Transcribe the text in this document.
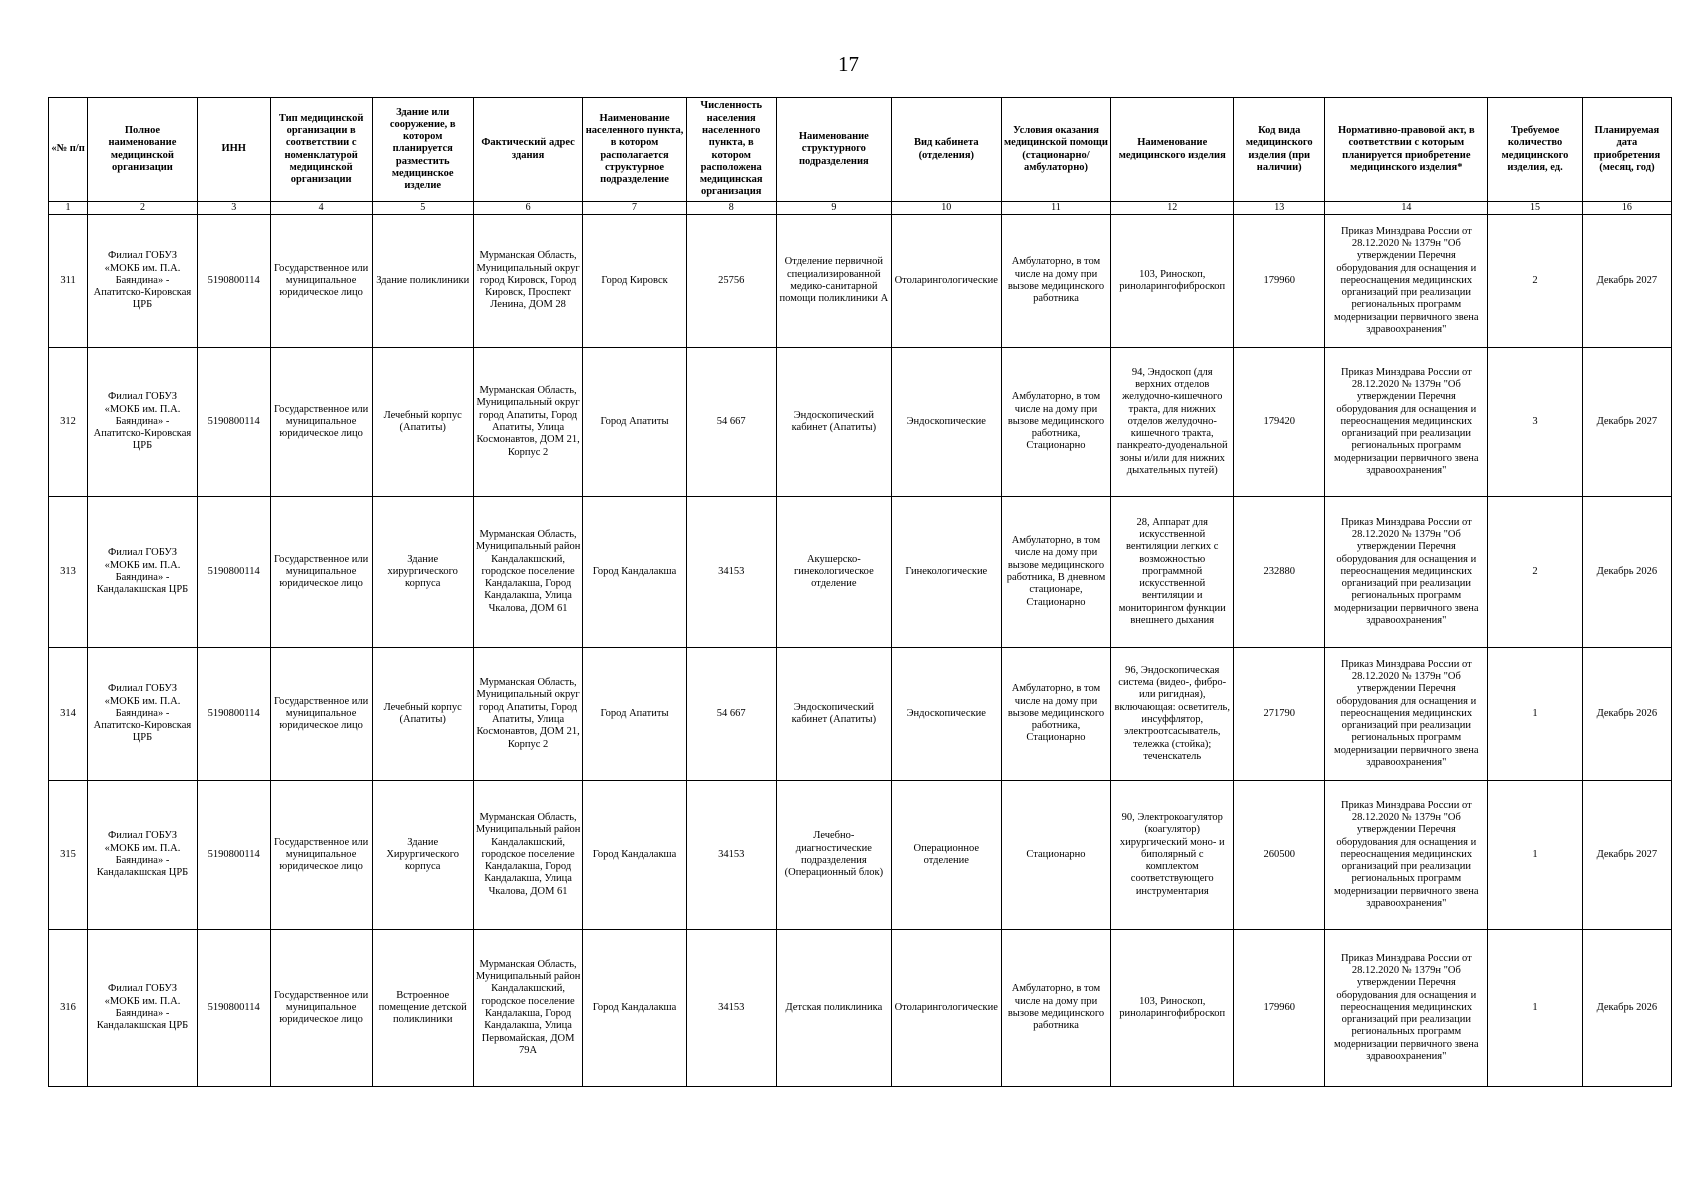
17
«№ п/п	Полное наименование медицинской организации	ИНН	Тип медицинской организации в соответствии с номенклатурой медицинской организации	Здание или сооружение, в котором планируется разместить медицинское изделие	Фактический адрес здания	Наименование населенного пункта, в котором располагается структурное подразделение	Численность населения населенного пункта, в котором расположена медицинская организация	Наименование структурного подразделения	Вид кабинета (отделения)	Условия оказания медицинской помощи (стационарно/ амбулаторно)	Наименование медицинского изделия	Код вида медицинского изделия (при наличии)	Нормативно-правовой акт, в соответствии с которым планируется приобретение медицинского изделия*	Требуемое количество медицинского изделия, ед.	Планируемая дата приобретения (месяц, год)
1	2	3	4	5	6	7	8	9	10	11	12	13	14	15	16
311	Филиал ГОБУЗ «МОКБ им. П.А. Баяндина» - Апатитско-Кировская ЦРБ	5190800114	Государственное или муниципальное юридическое лицо	Здание поликлиники	Мурманская Область, Муниципальный округ город Кировск, Город Кировск, Проспект Ленина, ДОМ 28	Город Кировск	25756	Отделение первичной специализированной медико-санитарной помощи поликлиники А	Отоларингологические	Амбулаторно, в том числе на дому при вызове медицинского работника	103, Риноскоп, риноларингофиброскоп	179960	Приказ Минздрава России от 28.12.2020 № 1379н "Об утверждении Перечня оборудования для оснащения и переоснащения медицинских организаций при реализации региональных программ модернизации первичного звена здравоохранения"	2	Декабрь 2027
312	Филиал ГОБУЗ «МОКБ им. П.А. Баяндина» - Апатитско-Кировская ЦРБ	5190800114	Государственное или муниципальное юридическое лицо	Лечебный корпус (Апатиты)	Мурманская Область, Муниципальный округ город Апатиты, Город Апатиты, Улица Космонавтов, ДОМ 21, Корпус 2	Город Апатиты	54 667	Эндоскопический кабинет (Апатиты)	Эндоскопические	Амбулаторно, в том числе на дому при вызове медицинского работника, Стационарно	94, Эндоскоп (для верхних отделов желудочно-кишечного тракта, для нижних отделов желудочно-кишечного тракта, панкреато-дуоденальной зоны и/или для нижних дыхательных путей)	179420	Приказ Минздрава России от 28.12.2020 № 1379н "Об утверждении Перечня оборудования для оснащения и переоснащения медицинских организаций при реализации региональных программ модернизации первичного звена здравоохранения"	3	Декабрь 2027
313	Филиал ГОБУЗ «МОКБ им. П.А. Баяндина» - Кандалакшская ЦРБ	5190800114	Государственное или муниципальное юридическое лицо	Здание хирургического корпуса	Мурманская Область, Муниципальный район Кандалакшский, городское поселение Кандалакша, Город Кандалакша, Улица Чкалова, ДОМ 61	Город Кандалакша	34153	Акушерско-гинекологическое отделение	Гинекологические	Амбулаторно, в том числе на дому при вызове медицинского работника, В дневном стационаре, Стационарно	28, Аппарат для искусственной вентиляции легких с возможностью программной искусственной вентиляции и мониторингом функции внешнего дыхания	232880	Приказ Минздрава России от 28.12.2020 № 1379н "Об утверждении Перечня оборудования для оснащения и переоснащения медицинских организаций при реализации региональных программ модернизации первичного звена здравоохранения"	2	Декабрь 2026
314	Филиал ГОБУЗ «МОКБ им. П.А. Баяндина» - Апатитско-Кировская ЦРБ	5190800114	Государственное или муниципальное юридическое лицо	Лечебный корпус (Апатиты)	Мурманская Область, Муниципальный округ город Апатиты, Город Апатиты, Улица Космонавтов, ДОМ 21, Корпус 2	Город Апатиты	54 667	Эндоскопический кабинет (Апатиты)	Эндоскопические	Амбулаторно, в том числе на дому при вызове медицинского работника, Стационарно	96, Эндоскопическая система (видео-, фибро- или ригидная), включающая: осветитель, инсуффлятор, электроотсасыватель, тележка (стойка); теченскатель	271790	Приказ Минздрава России от 28.12.2020 № 1379н "Об утверждении Перечня оборудования для оснащения и переоснащения медицинских организаций при реализации региональных программ модернизации первичного звена здравоохранения"	1	Декабрь 2026
315	Филиал ГОБУЗ «МОКБ им. П.А. Баяндина» - Кандалакшская ЦРБ	5190800114	Государственное или муниципальное юридическое лицо	Здание Хирургического корпуса	Мурманская Область, Муниципальный район Кандалакшский, городское поселение Кандалакша, Город Кандалакша, Улица Чкалова, ДОМ 61	Город Кандалакша	34153	Лечебно-диагностические подразделения (Операционный блок)	Операционное отделение	Стационарно	90, Электрокоагулятор (коагулятор) хирургический моно- и биполярный с комплектом соответствующего инструментария	260500	Приказ Минздрава России от 28.12.2020 № 1379н "Об утверждении Перечня оборудования для оснащения и переоснащения медицинских организаций при реализации региональных программ модернизации первичного звена здравоохранения"	1	Декабрь 2027
316	Филиал ГОБУЗ «МОКБ им. П.А. Баяндина» - Кандалакшская ЦРБ	5190800114	Государственное или муниципальное юридическое лицо	Встроенное помещение детской поликлиники	Мурманская Область, Муниципальный район Кандалакшский, городское поселение Кандалакша, Город Кандалакша, Улица Первомайская, ДОМ 79А	Город Кандалакша	34153	Детская поликлиника	Отоларингологические	Амбулаторно, в том числе на дому при вызове медицинского работника	103, Риноскоп, риноларингофиброскоп	179960	Приказ Минздрава России от 28.12.2020 № 1379н "Об утверждении Перечня оборудования для оснащения и переоснащения медицинских организаций при реализации региональных программ модернизации первичного звена здравоохранения"	1	Декабрь 2026
